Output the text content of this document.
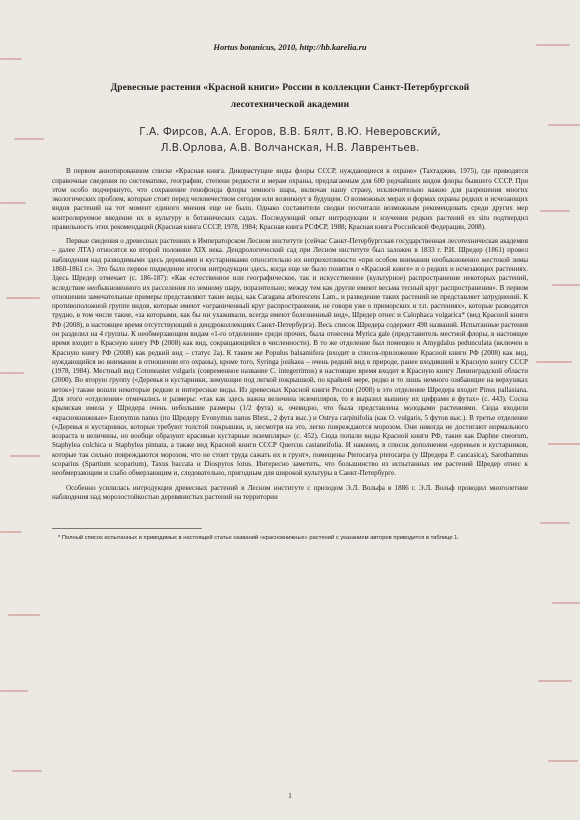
Hortus botanicus, 2010, http://hb.karelia.ru
Древесные растения «Красной книги» России в коллекции Санкт-Петербургской
лесотехнической академии
Г.А. Фирсов, А.А. Егоров, В.В. Бялт, В.Ю. Неверовский,
Л.В.Орлова, А.В. Волчанская, Н.В. Лаврентьев.

В первом аннотированном списке «Красная книга. Дикорастущие виды флоры СССР, нуждающиеся в охране» (Тахтаджян, 1975), где приводятся справочные сведения по систематике, географии, степени редкости и мерам охраны, предлагаемым для 600 редчайших видов флоры бывшего СССР. При этом особо подчеркнуто, что сохранение генофонда флоры земного шара, включая нашу страну, исключительно важно для разрешения многих экологических проблем, которые стоят перед человечеством сегодня или возникнут в будущем. О возможных мерах и формах охраны редких и исчезающих видов растений на тот момент единого мнения еще не было. Однако составители сводки посчитали возможным рекомендовать среди других мер контролируемое введение их в культуру в ботанических садах. Последующий опыт интродукции и изучения редких растений ex situ подтвердил правильность этих рекомендаций (Красная книга СССР, 1978, 1984; Красная книга РСФСР, 1988; Красная книга Российской Федерации, 2008).

Первые сведения о древесных растениях в Императорском Лесном институте (сейчас Санкт-Петербургская государственная лесотехническая академия – далее ЛТА) относятся ко второй половине XIX века. Дендрологический сад при Лесном институте был заложен в 1833 г. Р.И. Шредер (1861) провел наблюдения над разводимыми здесь деревьями и кустарниками относительно их неприхотливости «при особом внимании необыкновенно жестокой зимы 1860-1861 г.». Это было первое подведение итогов интродукции здесь, когда еще не было понятия о «Красной книге» и о редких и исчезающих растениях. Здесь Шредер отмечает (с. 186-187): «Как естественное или географическое, так и искусственное (культурное) распространение некоторых растений, вследствие необыкновенного их расселения по земному шару, поразительно; между тем как другие имеют весьма тесный круг распространения». В первом отношении замечательные примеры представляют такие виды, как Caragana arborescens Lam., и разведение таких растений не представляет затруднений. К противоположной группе видов, которые имеют «ограниченный круг распространения, не говоря уже о приморских и т.п. растениях», которые разводятся трудно, в том числе такие, «за которыми, как бы ни ухаживали, всегда имеют болезненный вид», Шредер отнес и Calophaca volgarica* (вид Красной книги РФ (2008), в настоящее время отсутствующий в дендроколлекциях Санкт-Петербурга). Весь список Шредера содержит 498 названий. Испытанные растения он разделил на 4 группы. К необмерзающим видам «1-го отделения» среди прочих, была отнесена Myrica gale (представитель местной флоры, в настоящее время входит в Красную книгу РФ (2008) как вид, сокращающийся в численности). В то же отделение был помещен и Amygdalus pedunculata (включен в Красную книгу РФ (2008) как редкий вид – статус 2а). К таким же Populus balsamifera (входит в список-приложение Красной книги РФ (2008) как вид, нуждающийся во внимании в отношении его охраны), кроме того, Syringa josikaea – очень редкий вид в природе, ранее входивший в Красную книгу СССР (1978, 1984). Местный вид Cotoneaster vulgaris (современное название C. integerrimus) в настоящее время входит в Красную книгу Ленинградской области (2000). Во вторую группу («Деревья и кустарники, зимующие под легкой покрышкой, по крайней мере, редко и то лишь немного озябающие на верхушках веток») также вошли некоторые редкие и интересные виды. Из древесных Красной книги России (2008) в это отделение Шредера входит Pinus pallasiana. Для этого «отделения» отмечались и размеры: «так как здесь важна величина экземпляров, то я выразил вышину их цифрами в футах» (с. 443). Сосна крымская имела у Шредера очень небольшие размеры (1/2 фута) и, очевидно, что была представлена молодыми растениями. Сюда входили «краснокнижные» Euonymus nanus (по Шредеру Evonymus nanus Bbrst., 2 фута выс.) и Ostrya carpinifolia (как O. vulgaris, 5 футов выс.). В третье отделение («Деревья и кустарники, которые требуют толстой покрышки, и, несмотря на это, легко повреждаются морозом. Они никогда не достигают нормального возраста и величины, но вообще образуют красивые кустарные экземпляры» (с. 452). Сюда попали виды Красной книги РФ, такие как Daphne cneorum, Staphylea colchica и Staphylea pinnata, а также вид Красной книги СССР Quercus castaneifolia. И наконец, в список дополнения «деревьев и кустарников, которые так сильно повреждаются морозом, что не стоит труда сажать их в грунт», помещены Pterocarya pterocarpa (у Шредера P. caucasica), Sarothamnus scoparius (Spartium scoparium), Taxus baccata и Diospyros lotus. Интересно заметить, что большинство из испытанных им растений Шредер отнес к необмерзающим и слабо обмерзающим и, следовательно, пригодным для широкой культуры в Санкт-Петербурге.

Особенно усилилась интродукция древесных растений в Лесном институте с приходом Э.Л. Вольфа в 1886 г. Э.Л. Вольф проводил многолетние наблюдения над морозостойкостью деревянистых растений на территории

* Полный список испытанных и приводимых в настоящей статье названий «краснокнижных» растений с указанием авторов приводится в таблице 1.
1
